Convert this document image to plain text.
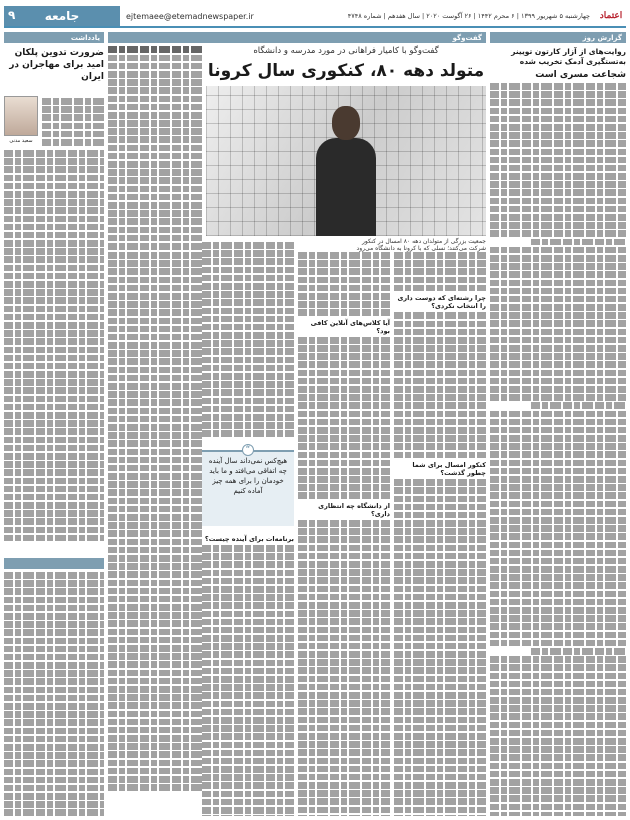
اعتماد
چهارشنبه ۵ شهریور ۱۳۹۹ | ۶ محرم ۱۴۴۲ | ۲۶ آگوست ۲۰۲۰ | سال هفدهم | شماره ۴۷۴۸
ejtemaee@etemadnewspaper.ir
جامعه
۹
گزارش روز
روایت‌های از آزار کارتون تویینر به‌تستگیری آدمک تخریب شده
شجاعت مسری است
گفت‌وگو
گفت‌وگو با کامیار فراهانی در مورد مدرسه و دانشگاه
متولد دهه ۸۰، کنکوری سال کرونا
جمعیت بزرگی از متولدان دهه ۸۰ امسال در کنکور شرکت می‌کنند؛ نسلی که با کرونا به دانشگاه می‌رود
چرا رشته‌ای که دوست داری را انتخاب نکردی؟
کنکور امسال برای شما چطور گذشت؟
آیا کلاس‌های آنلاین کافی بود؟
از دانشگاه چه انتظاری داری؟
“
هیچ‌کس نمی‌داند سال آینده چه اتفاقی می‌افتد و ما باید خودمان را برای همه چیز آماده کنیم
برنامه‌ات برای آینده چیست؟
یادداشت
ضرورت تدوین پلکان امید برای مهاجران در ایران
سعید مدنی
